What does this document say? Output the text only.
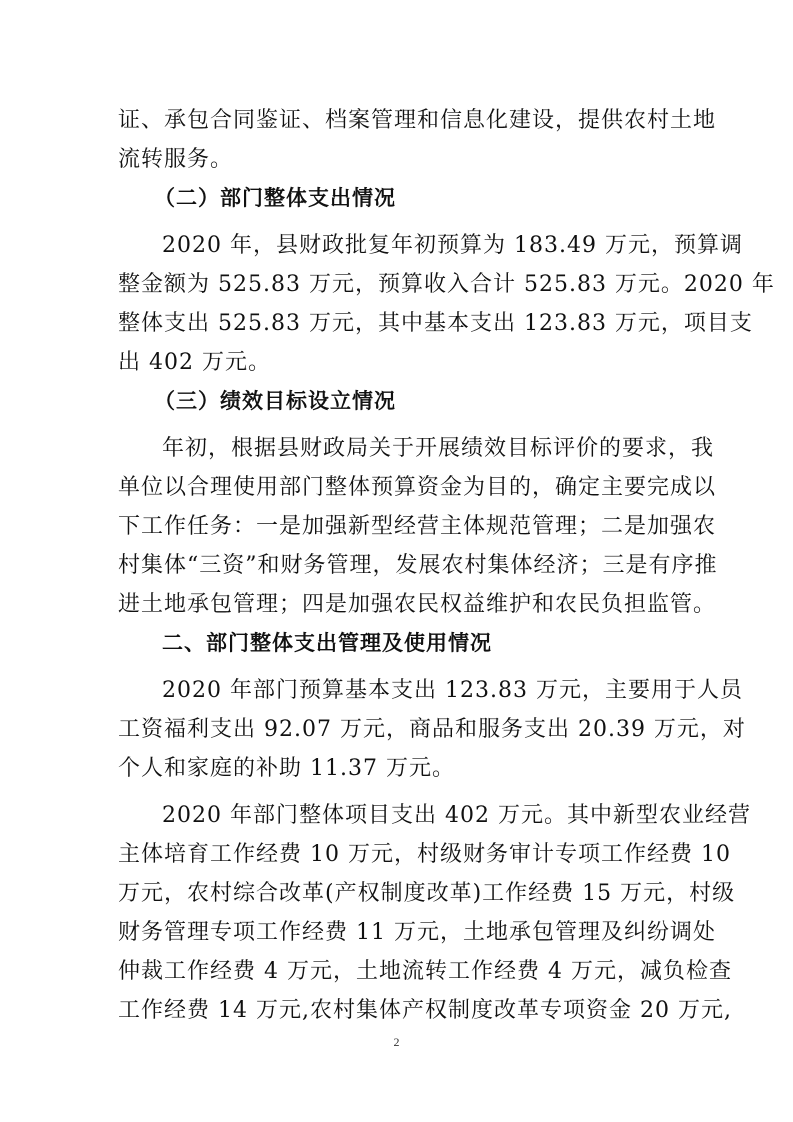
证、承包合同鉴证、档案管理和信息化建设，提供农村土地
流转服务。
（二）部门整体支出情况
2020 年，县财政批复年初预算为 183.49 万元，预算调
整金额为 525.83 万元，预算收入合计 525.83 万元。2020 年
整体支出 525.83 万元，其中基本支出 123.83 万元，项目支
出 402 万元。
（三）绩效目标设立情况
年初，根据县财政局关于开展绩效目标评价的要求，我
单位以合理使用部门整体预算资金为目的，确定主要完成以
下工作任务：一是加强新型经营主体规范管理；二是加强农
村集体“三资”和财务管理，发展农村集体经济；三是有序推
进土地承包管理；四是加强农民权益维护和农民负担监管。
二、部门整体支出管理及使用情况
2020 年部门预算基本支出 123.83 万元，主要用于人员
工资福利支出 92.07 万元，商品和服务支出 20.39 万元，对
个人和家庭的补助 11.37 万元。
2020 年部门整体项目支出 402 万元。其中新型农业经营
主体培育工作经费 10 万元，村级财务审计专项工作经费 10
万元，农村综合改革(产权制度改革)工作经费 15 万元，村级
财务管理专项工作经费 11 万元，土地承包管理及纠纷调处
仲裁工作经费 4 万元，土地流转工作经费 4 万元，减负检查
工作经费 14 万元,农村集体产权制度改革专项资金 20 万元,
2
